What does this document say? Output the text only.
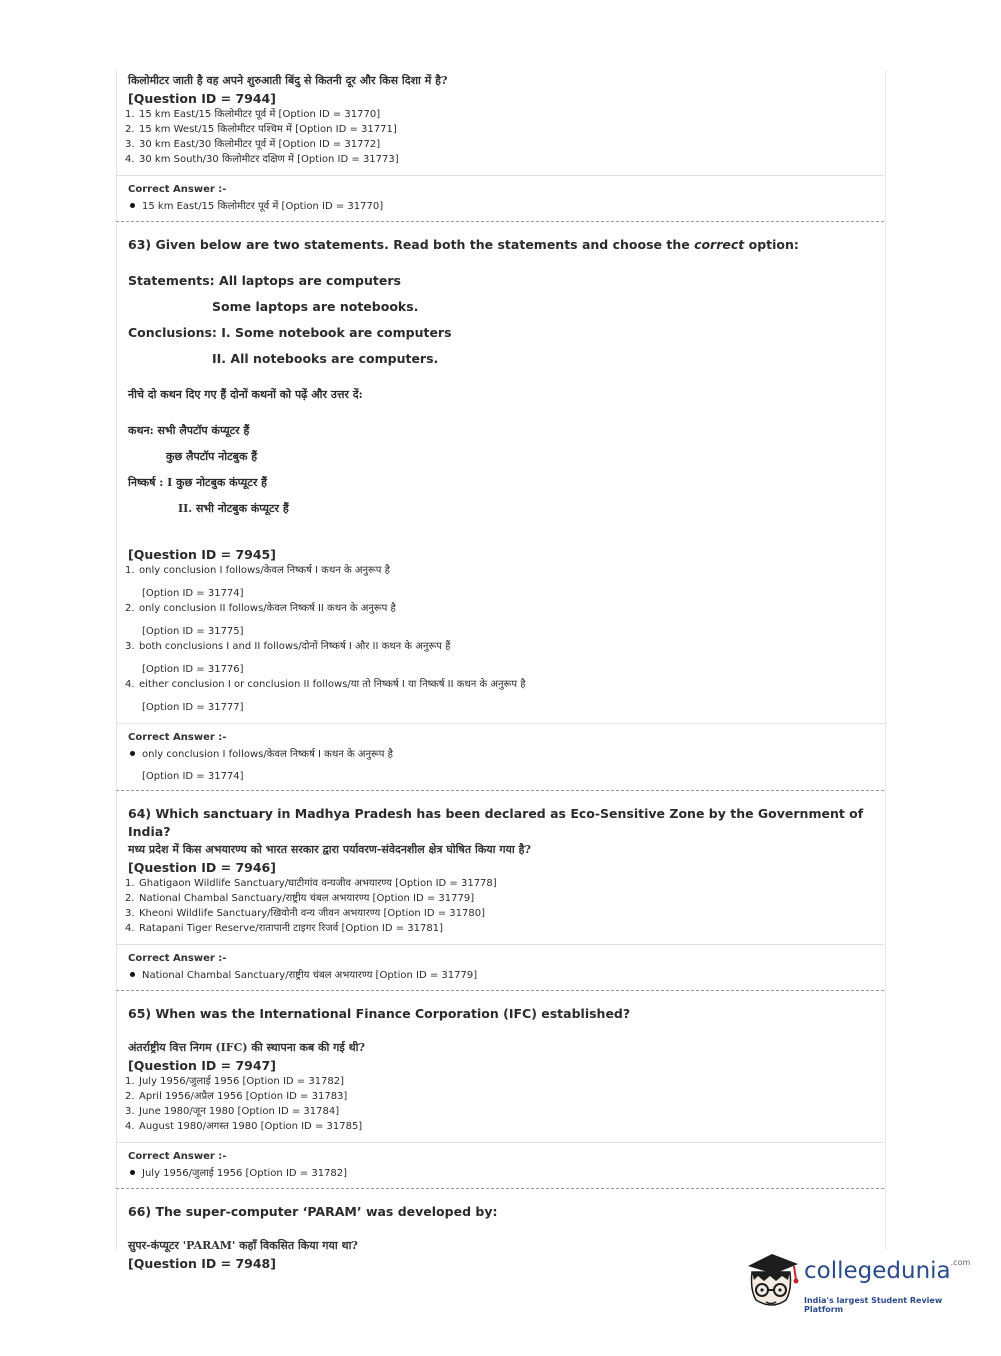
किलोमीटर जाती है वह अपने शुरुआती बिंदु से कितनी दूर और किस दिशा में है?

[Question ID = 7944]

1. 15 km East/15 किलोमीटर पूर्व में [Option ID = 31770]
2. 15 km West/15 किलोमीटर पश्चिम में [Option ID = 31771]
3. 30 km East/30 किलोमीटर पूर्व में [Option ID = 31772]
4. 30 km South/30 किलोमीटर दक्षिण में [Option ID = 31773]

Correct Answer :-

15 km East/15 किलोमीटर पूर्व में [Option ID = 31770]

63) Given below are two statements. Read both the statements and choose the correct option:

Statements: All laptops are computers

Some laptops are notebooks.

Conclusions: I. Some notebook are computers

II. All notebooks are computers.

नीचे दो कथन दिए गए हैं दोनों कथनों को पढ़ें और उत्तर दें:

कथन: सभी लैपटॉप कंप्यूटर हैं

कुछ लैपटॉप नोटबुक हैं

निष्कर्ष : I कुछ नोटबुक कंप्यूटर हैं

II. सभी नोटबुक कंप्यूटर हैं

[Question ID = 7945]

1. only conclusion I follows/केवल निष्कर्ष I कथन के अनुरूप है

[Option ID = 31774]

2. only conclusion II follows/केवल निष्कर्ष II कथन के अनुरूप है

[Option ID = 31775]

3. both conclusions I and II follows/दोनों निष्कर्ष I और II कथन के अनुरूप हैं

[Option ID = 31776]

4. either conclusion I or conclusion II follows/या तो निष्कर्ष I या निष्कर्ष II कथन के अनुरूप है

[Option ID = 31777]

Correct Answer :-

only conclusion I follows/केवल निष्कर्ष I कथन के अनुरूप है

[Option ID = 31774]

64) Which sanctuary in Madhya Pradesh has been declared as Eco-Sensitive Zone by the Government of India?

मध्य प्रदेश में किस अभयारण्य को भारत सरकार द्वारा पर्यावरण-संवेदनशील क्षेत्र घोषित किया गया है?

[Question ID = 7946]

1. Ghatigaon Wildlife Sanctuary/घाटीगांव वन्यजीव अभयारण्य [Option ID = 31778]
2. National Chambal Sanctuary/राष्ट्रीय चंबल अभयारण्य [Option ID = 31779]
3. Kheoni Wildlife Sanctuary/खिवोनी वन्य जीवन अभयारण्य [Option ID = 31780]
4. Ratapani Tiger Reserve/रातापानी टाइगर रिजर्व [Option ID = 31781]

Correct Answer :-

National Chambal Sanctuary/राष्ट्रीय चंबल अभयारण्य [Option ID = 31779]

65) When was the International Finance Corporation (IFC) established?

अंतर्राष्ट्रीय वित्त निगम (IFC) की स्थापना कब की गई थी?

[Question ID = 7947]

1. July 1956/जुलाई 1956 [Option ID = 31782]
2. April 1956/अप्रैल 1956 [Option ID = 31783]
3. June 1980/जून 1980 [Option ID = 31784]
4. August 1980/अगस्त 1980 [Option ID = 31785]

Correct Answer :-

July 1956/जुलाई 1956 [Option ID = 31782]

66) The super-computer ‘PARAM’ was developed by:

सुपर-कंप्यूटर 'PARAM' कहाँ विकसित किया गया था?

[Question ID = 7948]	collegedunia$^{.com}$
India's largest Student Review Platform
